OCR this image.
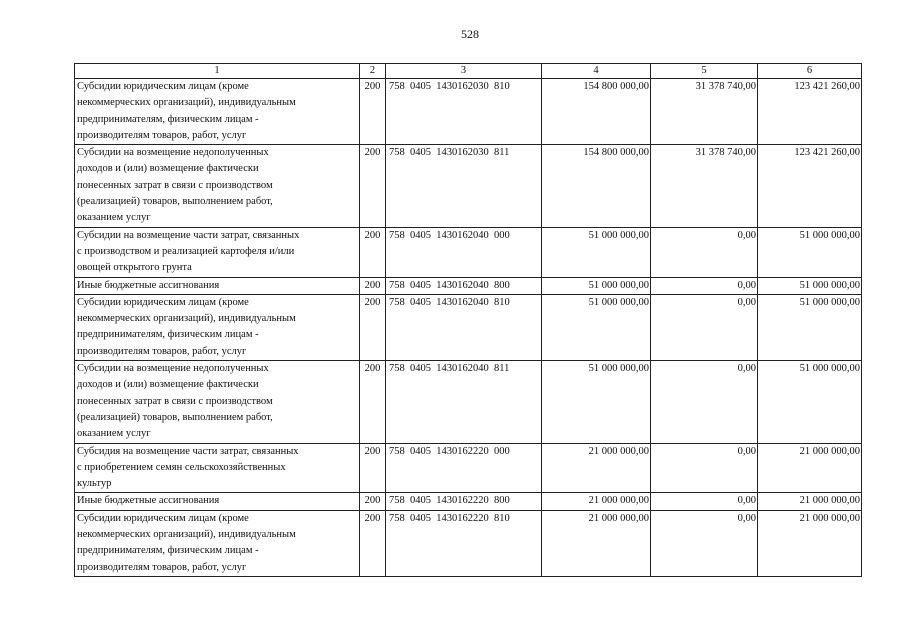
528
1	2	3	4	5	6

Субсидии юридическим лицам (кроме
некоммерческих организаций), индивидуальным
предпринимателям, физическим лицам -
производителям товаров, работ, услуг	200	758  0405  1430162030  810	154 800 000,00	31 378 740,00	123 421 260,00

Субсидии на возмещение недополученных
доходов и (или) возмещение фактически
понесенных затрат в связи с производством
(реализацией) товаров, выполнением работ,
оказанием услуг	200	758  0405  1430162030  811	154 800 000,00	31 378 740,00	123 421 260,00

Субсидии на возмещение части затрат, связанных
с производством и реализацией картофеля и/или
овощей открытого грунта	200	758  0405  1430162040  000	51 000 000,00	0,00	51 000 000,00

Иные бюджетные ассигнования	200	758  0405  1430162040  800	51 000 000,00	0,00	51 000 000,00

Субсидии юридическим лицам (кроме
некоммерческих организаций), индивидуальным
предпринимателям, физическим лицам -
производителям товаров, работ, услуг	200	758  0405  1430162040  810	51 000 000,00	0,00	51 000 000,00

Субсидии на возмещение недополученных
доходов и (или) возмещение фактически
понесенных затрат в связи с производством
(реализацией) товаров, выполнением работ,
оказанием услуг	200	758  0405  1430162040  811	51 000 000,00	0,00	51 000 000,00

Субсидия на возмещение части затрат, связанных
с приобретением семян сельскохозяйственных
культур	200	758  0405  1430162220  000	21 000 000,00	0,00	21 000 000,00

Иные бюджетные ассигнования	200	758  0405  1430162220  800	21 000 000,00	0,00	21 000 000,00

Субсидии юридическим лицам (кроме
некоммерческих организаций), индивидуальным
предпринимателям, физическим лицам -
производителям товаров, работ, услуг	200	758  0405  1430162220  810	21 000 000,00	0,00	21 000 000,00
